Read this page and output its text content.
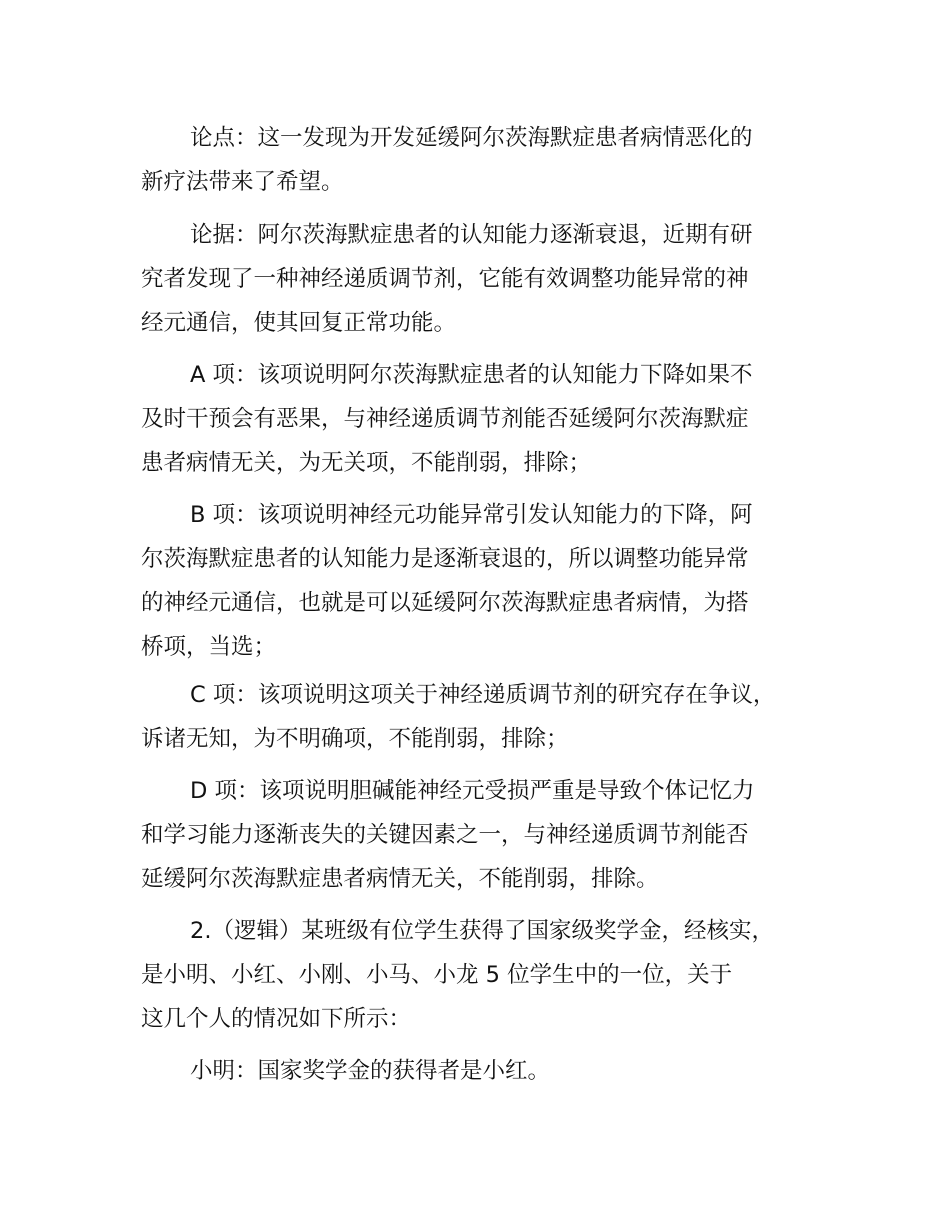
论点：这一发现为开发延缓阿尔茨海默症患者病情恶化的
新疗法带来了希望。
论据：阿尔茨海默症患者的认知能力逐渐衰退，近期有研
究者发现了一种神经递质调节剂，它能有效调整功能异常的神
经元通信，使其回复正常功能。
A 项：该项说明阿尔茨海默症患者的认知能力下降如果不
及时干预会有恶果，与神经递质调节剂能否延缓阿尔茨海默症
患者病情无关，为无关项，不能削弱，排除；
B 项：该项说明神经元功能异常引发认知能力的下降，阿
尔茨海默症患者的认知能力是逐渐衰退的，所以调整功能异常
的神经元通信，也就是可以延缓阿尔茨海默症患者病情，为搭
桥项，当选；
C 项：该项说明这项关于神经递质调节剂的研究存在争议，
诉诸无知，为不明确项，不能削弱，排除；
D 项：该项说明胆碱能神经元受损严重是导致个体记忆力
和学习能力逐渐丧失的关键因素之一，与神经递质调节剂能否
延缓阿尔茨海默症患者病情无关，不能削弱，排除。
2.（逻辑）某班级有位学生获得了国家级奖学金，经核实，
是小明、小红、小刚、小马、小龙 5 位学生中的一位，关于
这几个人的情况如下所示：
小明：国家奖学金的获得者是小红。
